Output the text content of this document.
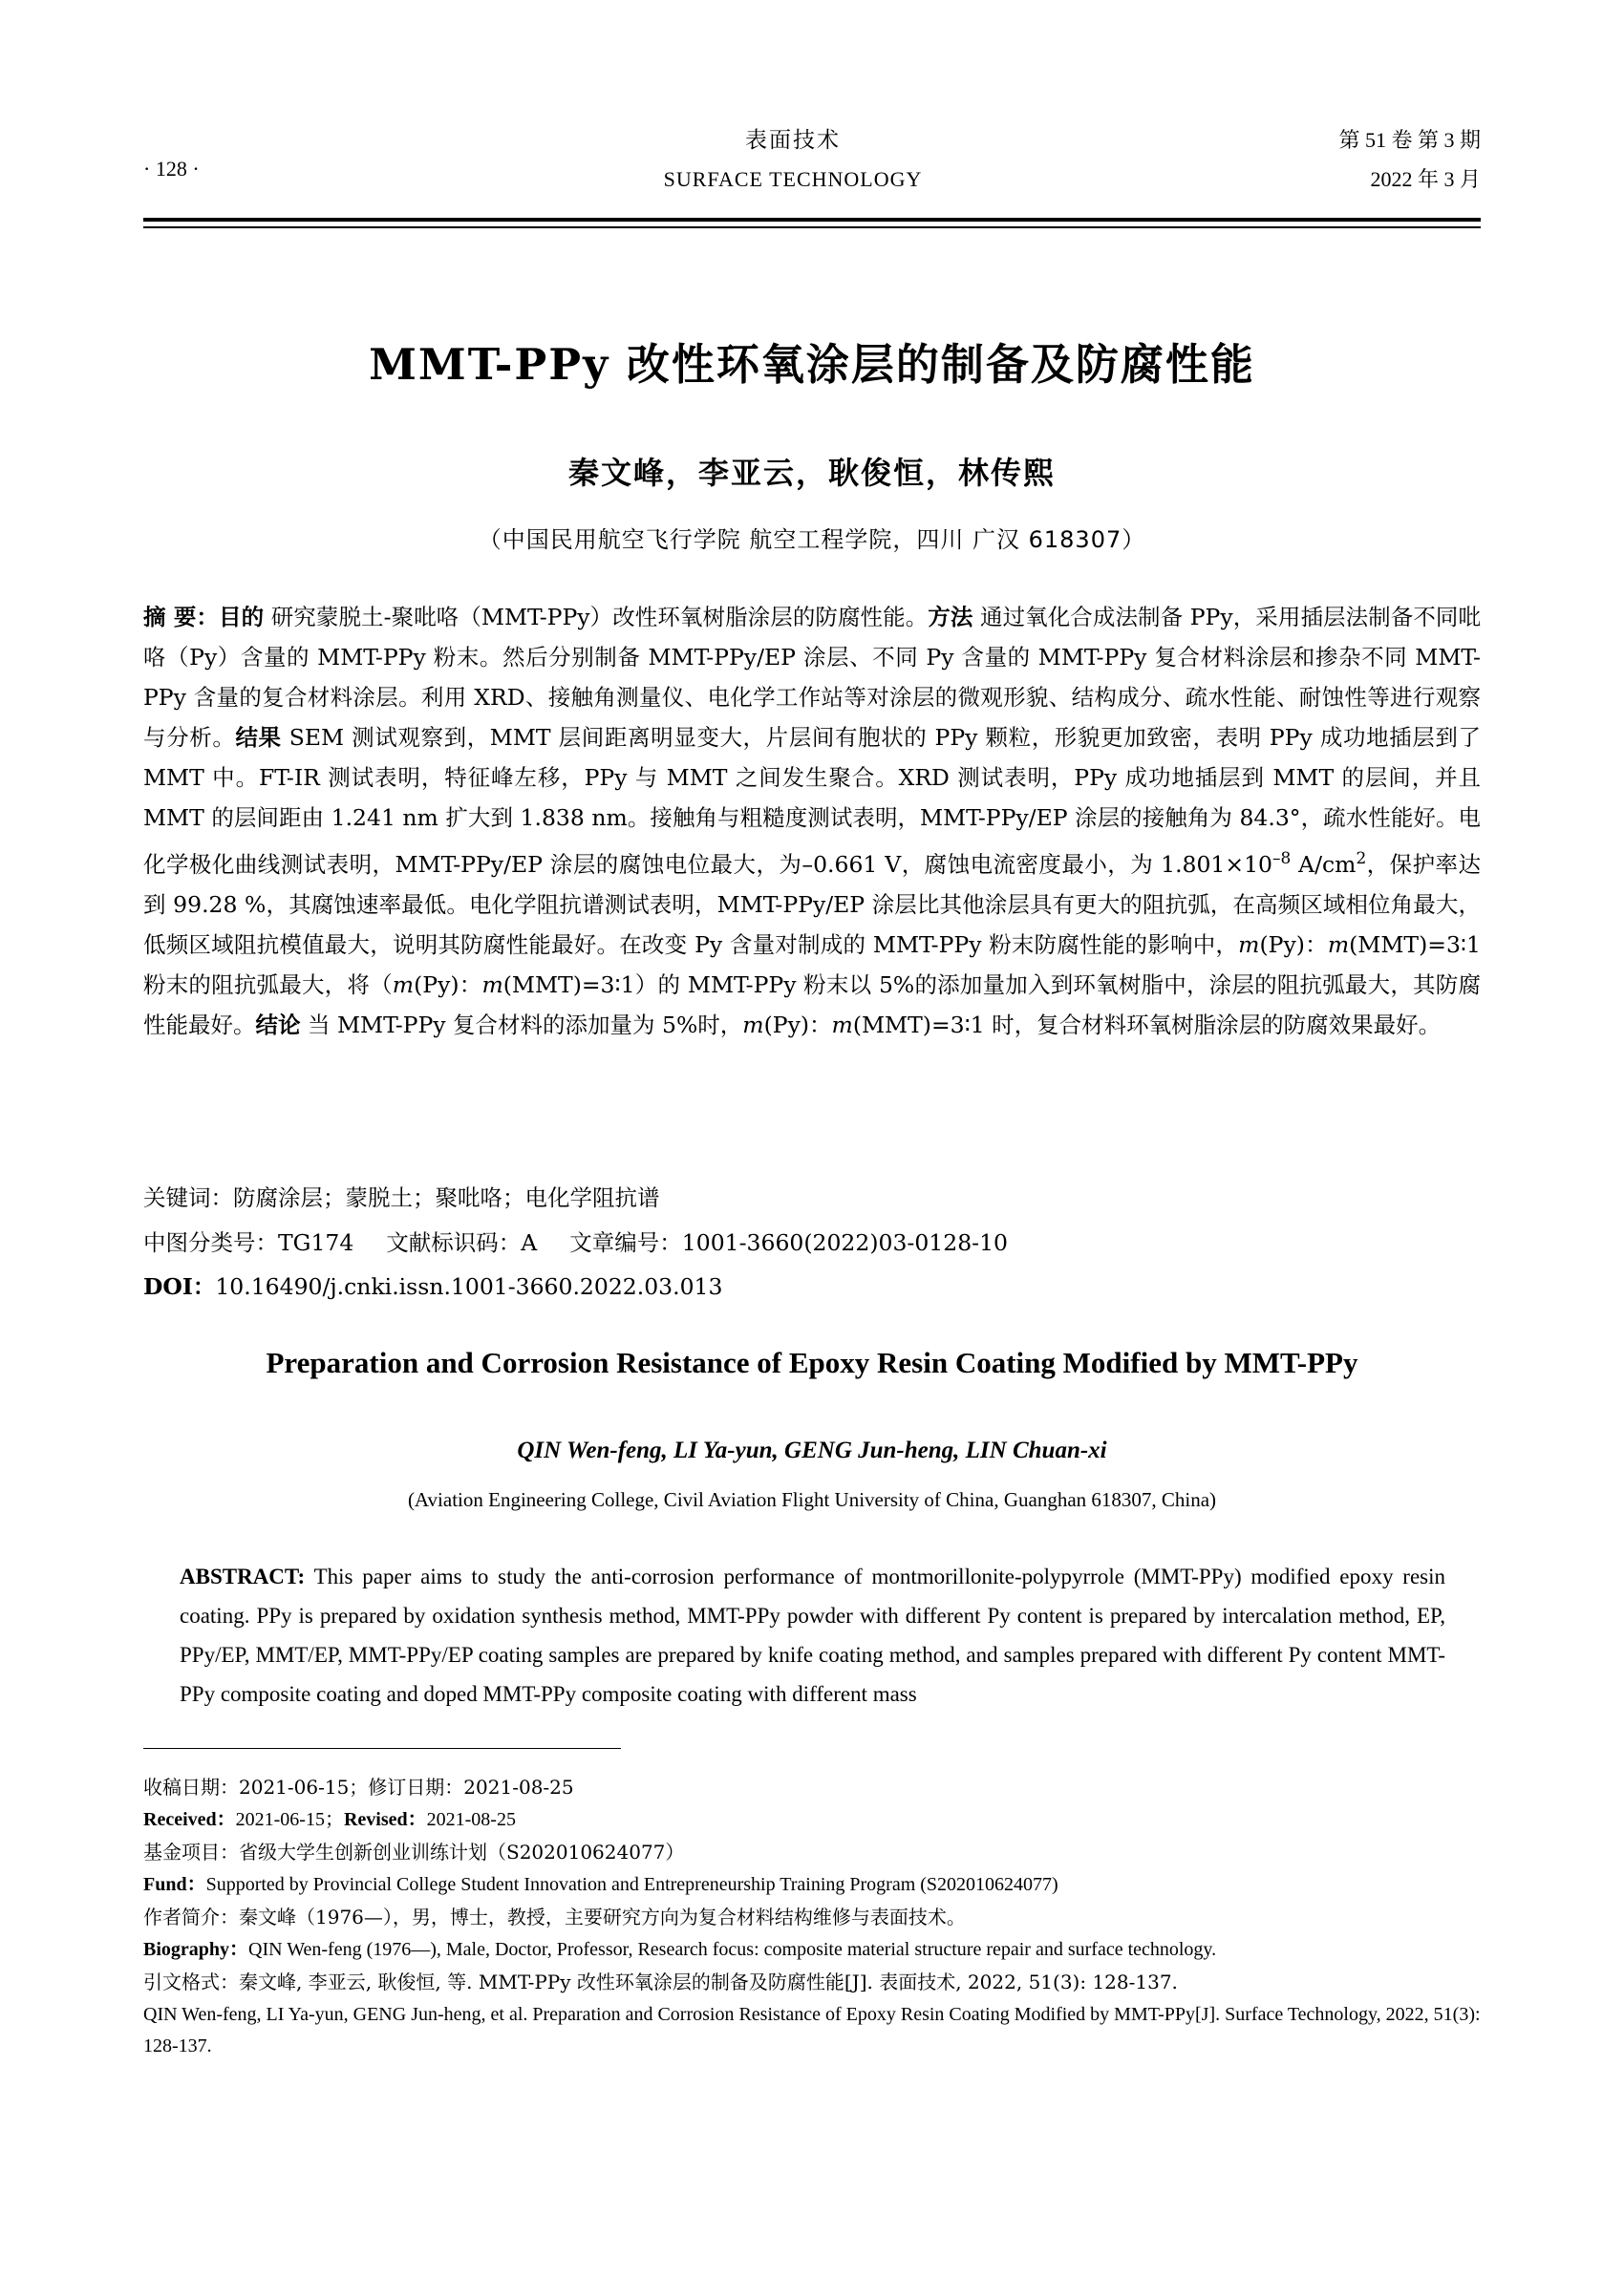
· 128 ·
表面技术
SURFACE TECHNOLOGY
第 51 卷 第 3 期
2022 年 3 月
MMT-PPy 改性环氧涂层的制备及防腐性能
秦文峰，李亚云，耿俊恒，林传熙
（中国民用航空飞行学院 航空工程学院，四川 广汉 618307）
摘 要：目的 研究蒙脱土-聚吡咯（MMT-PPy）改性环氧树脂涂层的防腐性能。方法 通过氧化合成法制备 PPy，采用插层法制备不同吡咯（Py）含量的 MMT-PPy 粉末。然后分别制备 MMT-PPy/EP 涂层、不同 Py 含量的 MMT-PPy 复合材料涂层和掺杂不同 MMT-PPy 含量的复合材料涂层。利用 XRD、接触角测量仪、电化学工作站等对涂层的微观形貌、结构成分、疏水性能、耐蚀性等进行观察与分析。结果 SEM 测试观察到，MMT 层间距离明显变大，片层间有胞状的 PPy 颗粒，形貌更加致密，表明 PPy 成功地插层到了 MMT 中。FT-IR 测试表明，特征峰左移，PPy 与 MMT 之间发生聚合。XRD 测试表明，PPy 成功地插层到 MMT 的层间，并且 MMT 的层间距由 1.241 nm 扩大到 1.838 nm。接触角与粗糙度测试表明，MMT-PPy/EP 涂层的接触角为 84.3°，疏水性能好。电化学极化曲线测试表明，MMT-PPy/EP 涂层的腐蚀电位最大，为–0.661 V，腐蚀电流密度最小，为 $1.801\times 10^{-8}$ $A/cm^2$，保护率达到 99.28 %，其腐蚀速率最低。电化学阻抗谱测试表明，MMT-PPy/EP 涂层比其他涂层具有更大的阻抗弧，在高频区域相位角最大，低频区域阻抗模值最大，说明其防腐性能最好。在改变 Py 含量对制成的 MMT-PPy 粉末防腐性能的影响中，m(Py)：m(MMT)=3∶1 粉末的阻抗弧最大，将（m(Py)：m(MMT)=3∶1）的 MMT-PPy 粉末以 5%的添加量加入到环氧树脂中，涂层的阻抗弧最大，其防腐性能最好。结论 当 MMT-PPy 复合材料的添加量为 5%时，m(Py)：m(MMT)=3∶1 时，复合材料环氧树脂涂层的防腐效果最好。
关键词：防腐涂层；蒙脱土；聚吡咯；电化学阻抗谱
中图分类号：TG174 文献标识码：A 文章编号：1001-3660(2022)03-0128-10
DOI：10.16490/j.cnki.issn.1001-3660.2022.03.013
Preparation and Corrosion Resistance of Epoxy Resin Coating Modified by MMT-PPy
QIN Wen-feng, LI Ya-yun, GENG Jun-heng, LIN Chuan-xi
(Aviation Engineering College, Civil Aviation Flight University of China, Guanghan 618307, China)
ABSTRACT: This paper aims to study the anti-corrosion performance of montmorillonite-polypyrrole (MMT-PPy) modified epoxy resin coating. PPy is prepared by oxidation synthesis method, MMT-PPy powder with different Py content is prepared by intercalation method, EP, PPy/EP, MMT/EP, MMT-PPy/EP coating samples are prepared by knife coating method, and samples prepared with different Py content MMT-PPy composite coating and doped MMT-PPy composite coating with different mass
收稿日期：2021-06-15；修订日期：2021-08-25
Received：2021-06-15；Revised：2021-08-25
基金项目：省级大学生创新创业训练计划（S202010624077）
Fund：Supported by Provincial College Student Innovation and Entrepreneurship Training Program (S202010624077)
作者简介：秦文峰（1976—），男，博士，教授，主要研究方向为复合材料结构维修与表面技术。
Biography：QIN Wen-feng (1976—), Male, Doctor, Professor, Research focus: composite material structure repair and surface technology.
引文格式：秦文峰, 李亚云, 耿俊恒, 等. MMT-PPy 改性环氧涂层的制备及防腐性能[J]. 表面技术, 2022, 51(3): 128-137.
QIN Wen-feng, LI Ya-yun, GENG Jun-heng, et al. Preparation and Corrosion Resistance of Epoxy Resin Coating Modified by MMT-PPy[J]. Surface Technology, 2022, 51(3): 128-137.
